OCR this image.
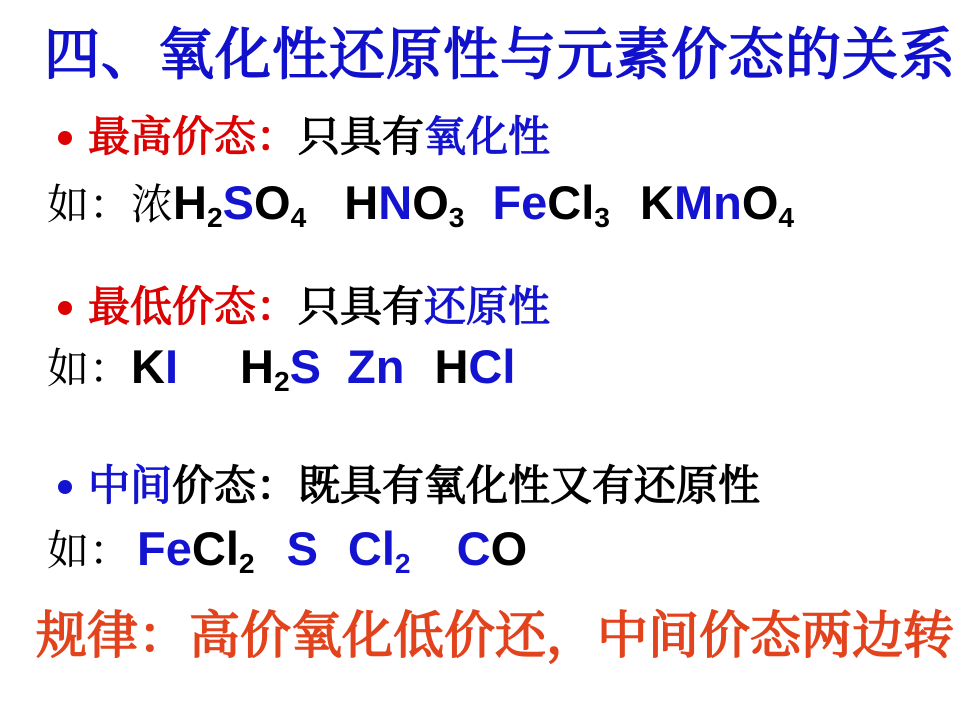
四、氧化性还原性与元素价态的关系
最高价态：只具有氧化性
如：浓$H_2SO_4$ $HNO_3$ FeCl$_3$ KMnO$_4$
最低价态：只具有还原性
如：KI $H_2S$ Zn HCl
中间价态：既具有氧化性又有还原性
如： FeCl$_2$ S $Cl_2$ CO
规律：高价氧化低价还，中间价态两边转
